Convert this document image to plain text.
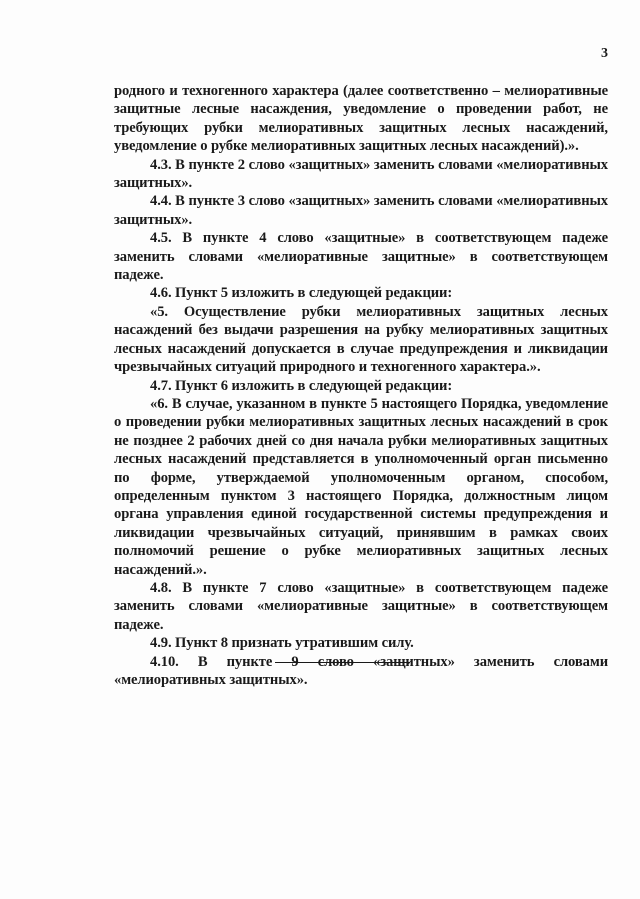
3

родного и техногенного характера (далее соответственно – мелиоративные защитные лесные насаждения, уведомление о проведении работ, не требующих рубки мелиоративных защитных лесных насаждений, уведомление о рубке мелиоративных защитных лесных насаждений).».

4.3. В пункте 2 слово «защитных» заменить словами «мелиоративных защитных».

4.4. В пункте 3 слово «защитных» заменить словами «мелиоративных защитных».

4.5. В пункте 4 слово «защитные» в соответствующем падеже заменить словами «мелиоративные защитные» в соответствующем падеже.

4.6. Пункт 5 изложить в следующей редакции:

«5. Осуществление рубки мелиоративных защитных лесных насаждений без выдачи разрешения на рубку мелиоративных защитных лесных насаждений допускается в случае предупреждения и ликвидации чрезвычайных ситуаций природного и техногенного характера.».

4.7. Пункт 6 изложить в следующей редакции:

«6. В случае, указанном в пункте 5 настоящего Порядка, уведомление о проведении рубки мелиоративных защитных лесных насаждений в срок не позднее 2 рабочих дней со дня начала рубки мелиоративных защитных лесных насаждений представляется в уполномоченный орган письменно по форме, утверждаемой уполномоченным органом, способом, определенным пунктом 3 настоящего Порядка, должностным лицом органа управления единой государственной системы предупреждения и ликвидации чрезвычайных ситуаций, принявшим в рамках своих полномочий решение о рубке мелиоративных защитных лесных насаждений.».

4.8. В пункте 7 слово «защитные» в соответствующем падеже заменить словами «мелиоративные защитные» в соответствующем падеже.

4.9. Пункт 8 признать утратившим силу.

4.10. В пункте 9 слово «защитных» заменить словами «мелиоративных защитных».
